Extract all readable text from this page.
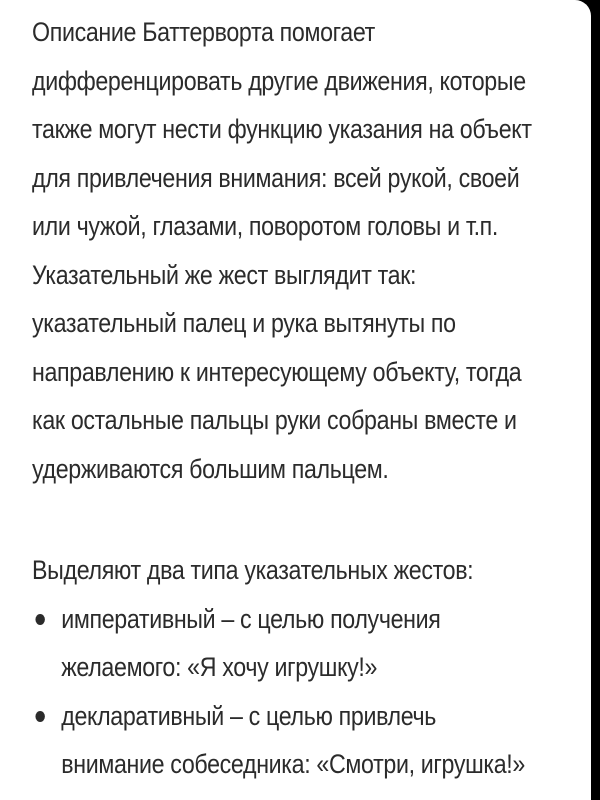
Описание Баттерворта помогает
дифференцировать другие движения, которые
также могут нести функцию указания на объект
для привлечения внимания: всей рукой, своей
или чужой, глазами, поворотом головы и т.п.
Указательный же жест выглядит так:
указательный палец и рука вытянуты по
направлению к интересующему объекту, тогда
как остальные пальцы руки собраны вместе и
удерживаются большим пальцем.

Выделяют два типа указательных жестов:
императивный – с целью получения
желаемого: «Я хочу игрушку!»
декларативный – с целью привлечь
внимание собеседника: «Смотри, игрушка!»
